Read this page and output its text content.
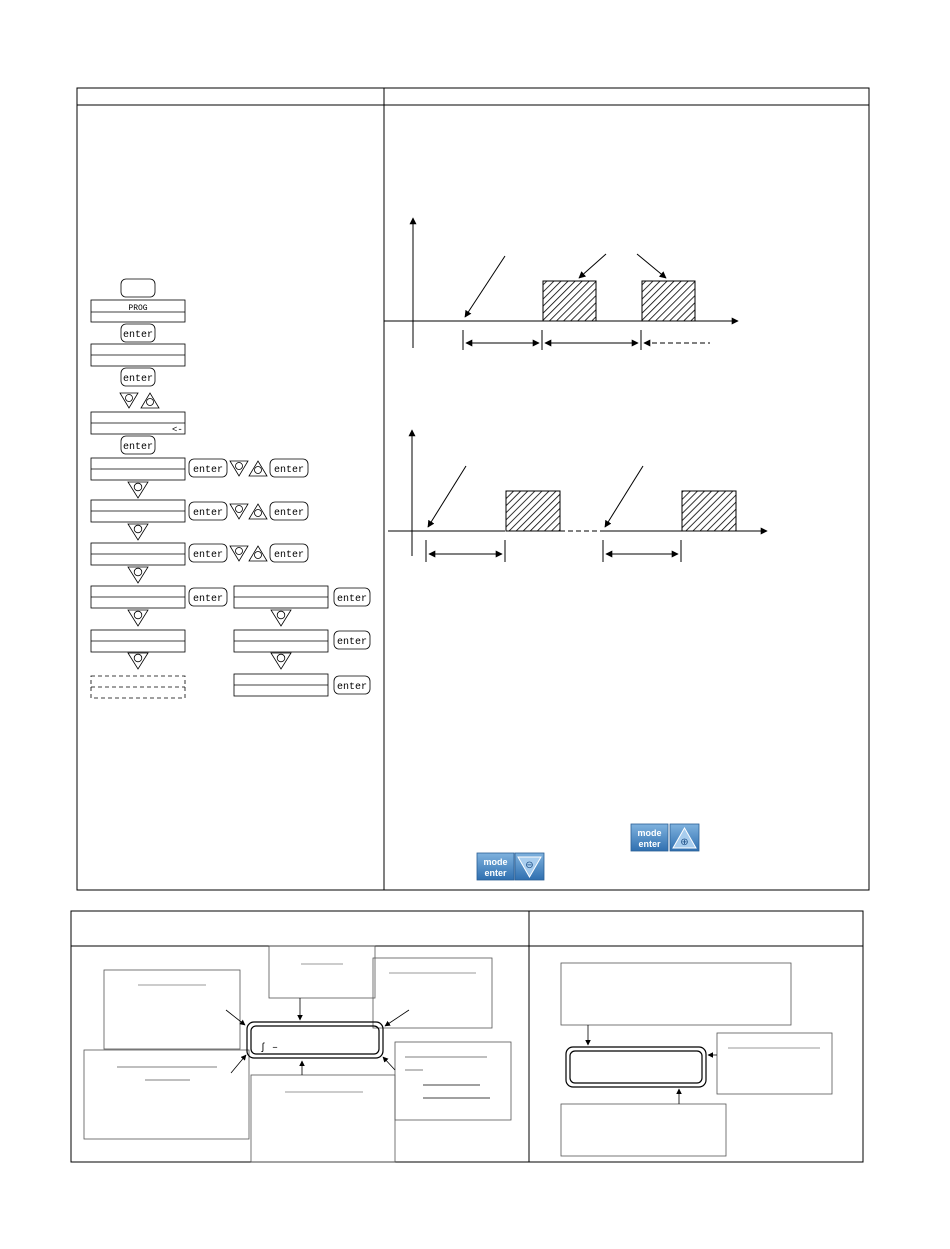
PROG
<-
enter
enter
enter
enter	enter
enter	enter
enter	enter
enter	enter
enter
enter
mode
enter ⊕
mode
enter
⊖
ʃ –
